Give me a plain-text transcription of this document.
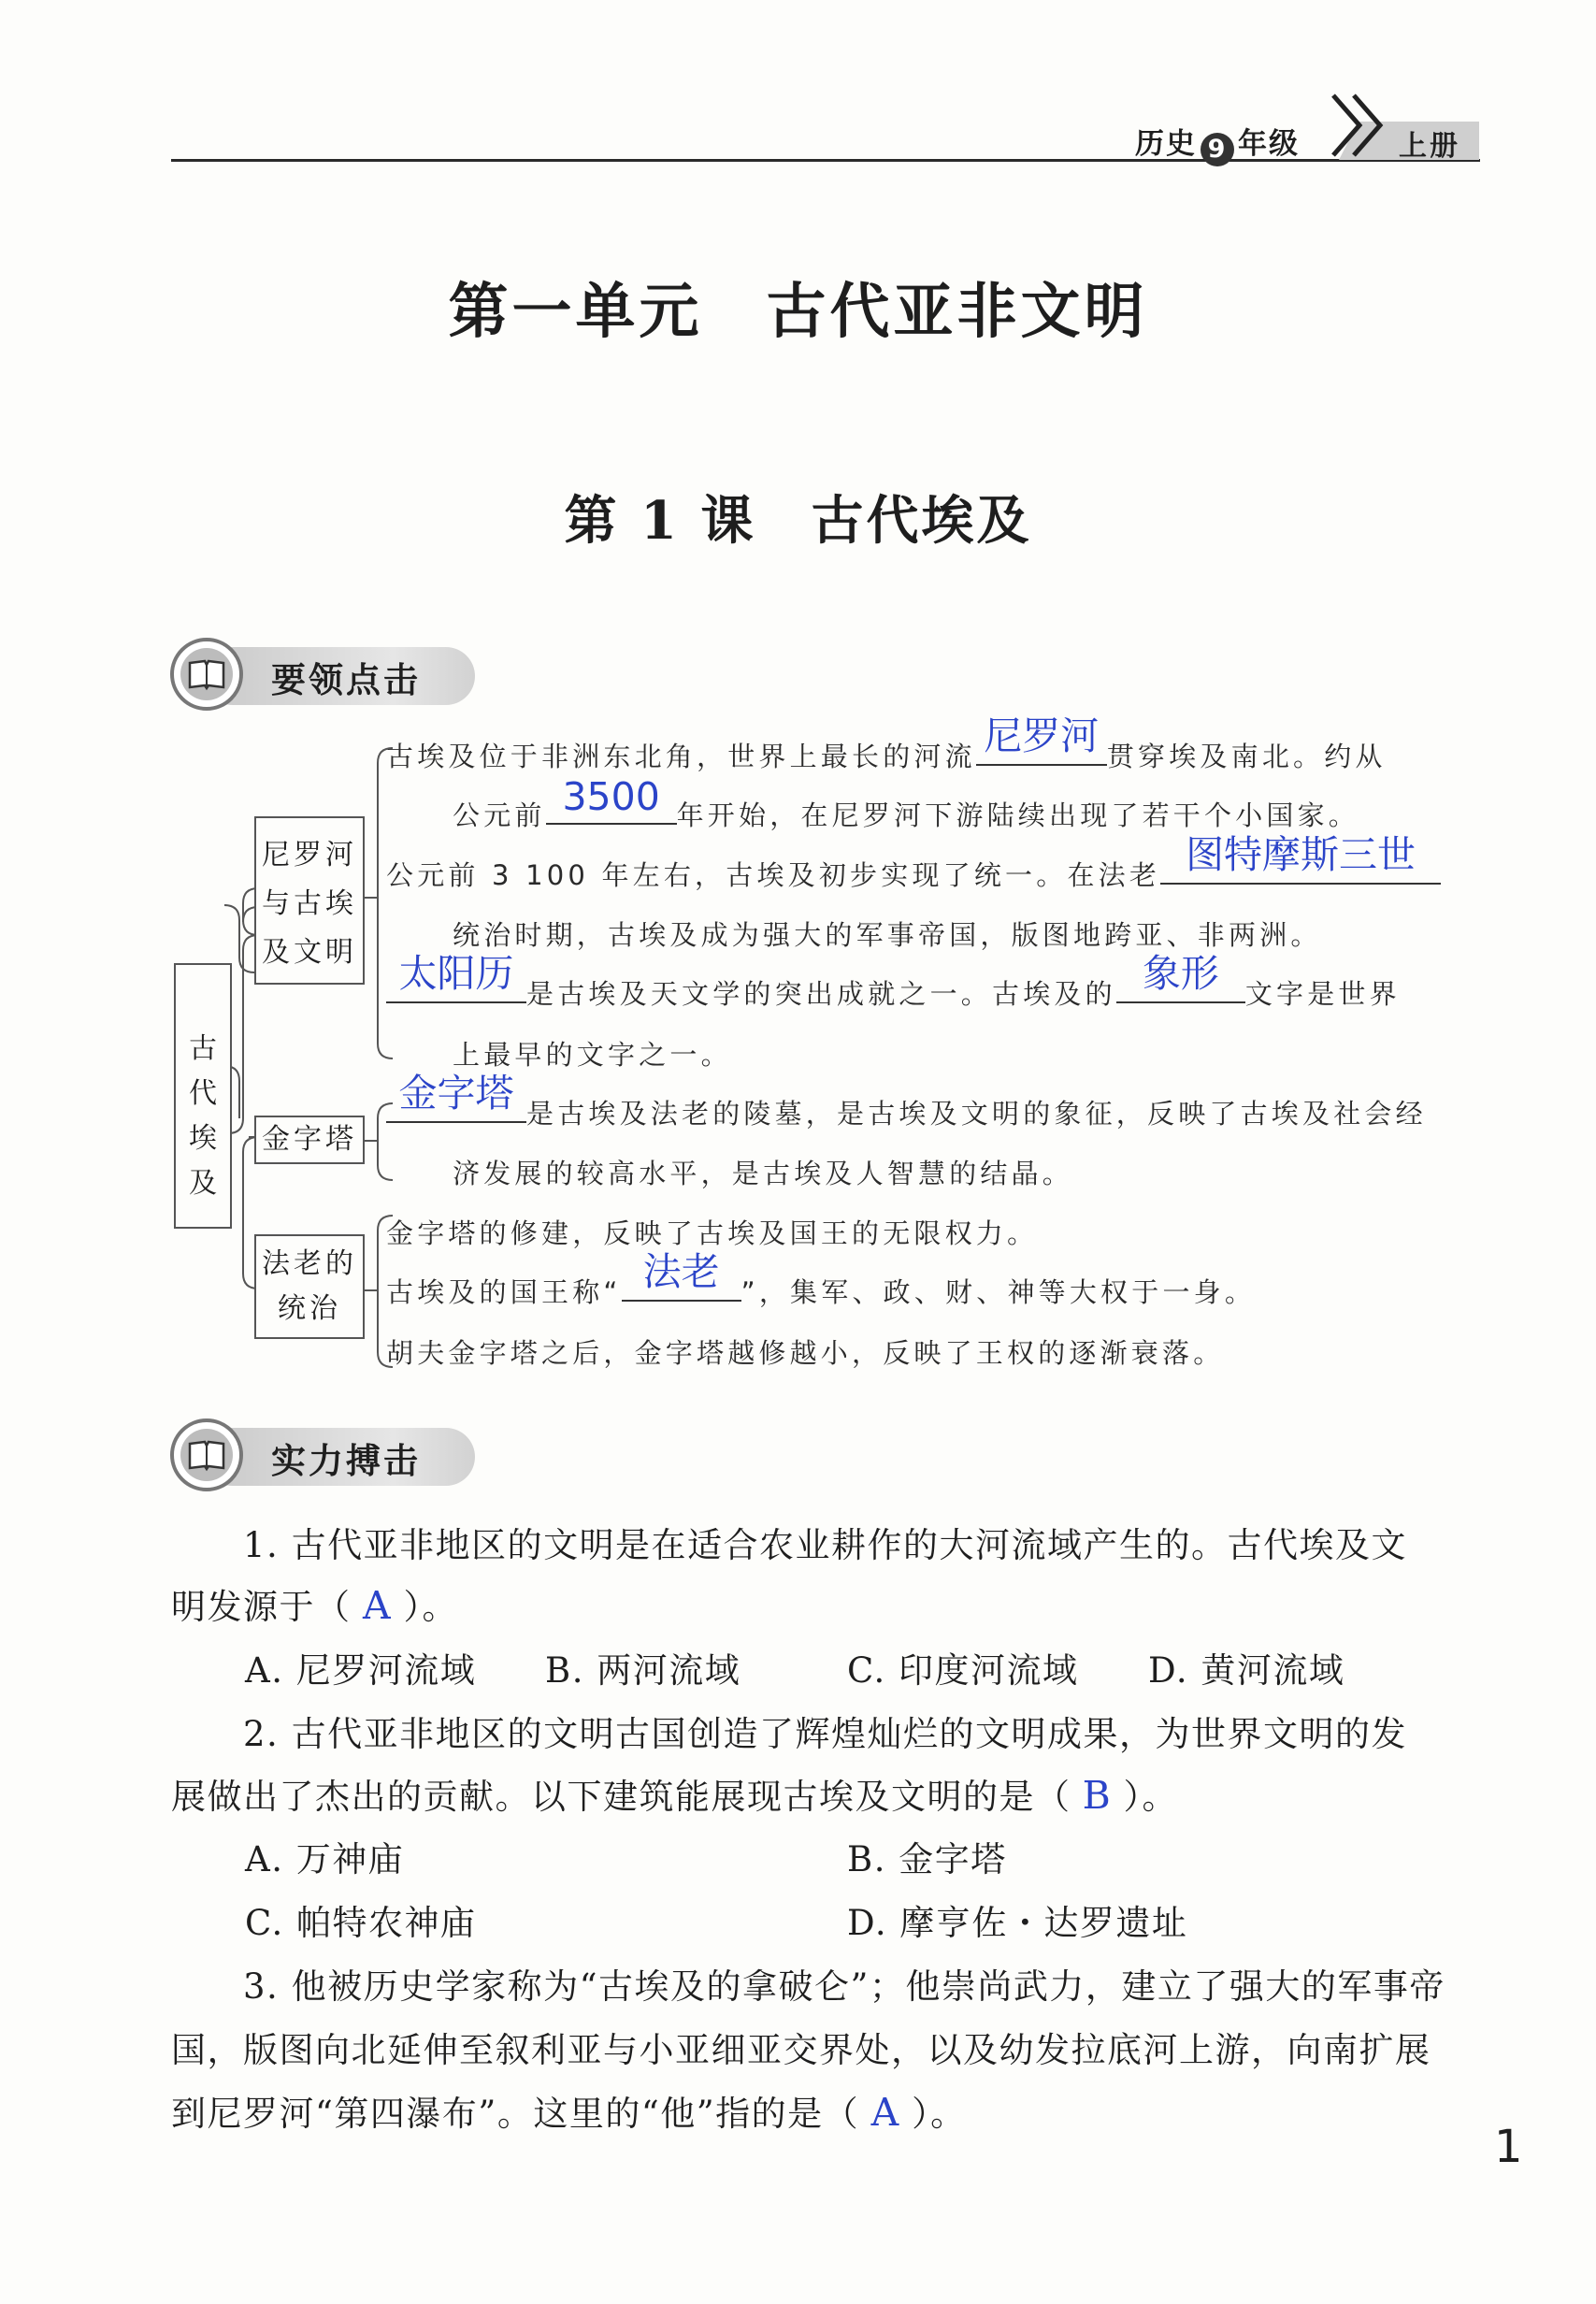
历史 9 年级	上册
第一单元　古代亚非文明
第 1 课　古代埃及
要领点击
古代埃及
尼罗河
与古埃
及文明
金字塔
法老的
统治
古埃及位于非洲东北角，世界上最长的河流 尼罗河 贯穿埃及南北。约从
公元前 3500 年开始，在尼罗河下游陆续出现了若干个小国家。
公元前 3 100 年左右，古埃及初步实现了统一。在法老 图特摩斯三世
统治时期，古埃及成为强大的军事帝国，版图地跨亚、非两洲。
太阳历 是古埃及天文学的突出成就之一。古埃及的 象形 文字是世界
上最早的文字之一。
金字塔 是古埃及法老的陵墓，是古埃及文明的象征，反映了古埃及社会经
济发展的较高水平，是古埃及人智慧的结晶。
金字塔的修建，反映了古埃及国王的无限权力。
古埃及的国王称“ 法老 ”，集军、政、财、神等大权于一身。
胡夫金字塔之后，金字塔越修越小，反映了王权的逐渐衰落。
实力搏击
1. 古代亚非地区的文明是在适合农业耕作的大河流域产生的。古代埃及文
明发源于（ A ）。
A. 尼罗河流域 B. 两河流域	C. 印度河流域 D. 黄河流域
2. 古代亚非地区的文明古国创造了辉煌灿烂的文明成果，为世界文明的发
展做出了杰出的贡献。以下建筑能展现古埃及文明的是（ B ）。
A. 万神庙	B. 金字塔
C. 帕特农神庙	D. 摩亨佐・达罗遗址
3. 他被历史学家称为“古埃及的拿破仑”；他崇尚武力，建立了强大的军事帝
国，版图向北延伸至叙利亚与小亚细亚交界处，以及幼发拉底河上游，向南扩展
到尼罗河“第四瀑布”。这里的“他”指的是（ A ）。
1
